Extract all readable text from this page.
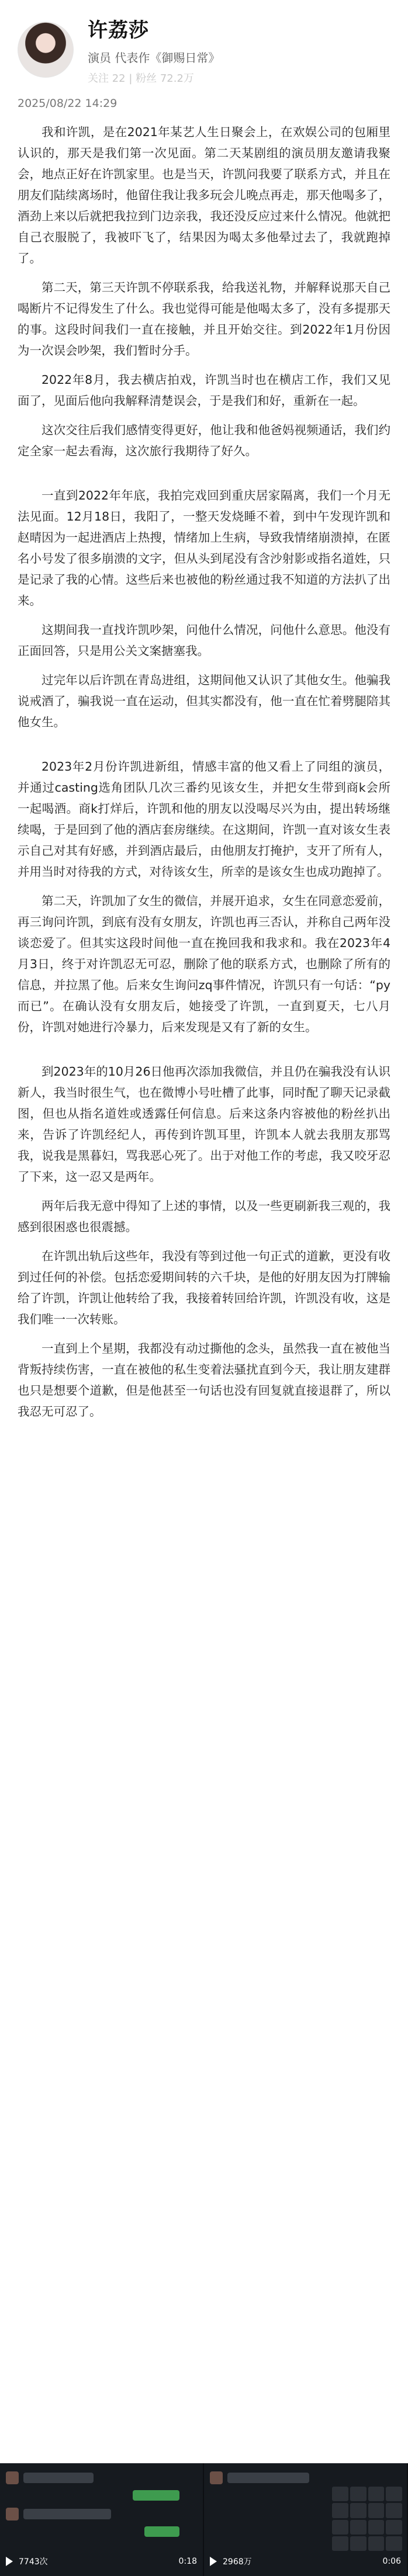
许荔莎
演员 代表作《御赐日常》
关注 22 | 粉丝 72.2万
2025/08/22 14:29

我和许凯，是在2021年某艺人生日聚会上，在欢娱公司的包厢里认识的，那天是我们第一次见面。第二天某剧组的演员朋友邀请我聚会，地点正好在许凯家里。也是当天，许凯问我要了联系方式，并且在朋友们陆续离场时，他留住我让我多玩会儿晚点再走，那天他喝多了，酒劲上来以后就把我拉到门边亲我，我还没反应过来什么情况。他就把自己衣服脱了，我被吓飞了，结果因为喝太多他晕过去了，我就跑掉了。

第二天，第三天许凯不停联系我，给我送礼物，并解释说那天自己喝断片不记得发生了什么。我也觉得可能是他喝太多了，没有多提那天的事。这段时间我们一直在接触，并且开始交往。到2022年1月份因为一次误会吵架，我们暂时分手。

2022年8月，我去横店拍戏，许凯当时也在横店工作，我们又见面了，见面后他向我解释清楚误会，于是我们和好，重新在一起。

这次交往后我们感情变得更好，他让我和他爸妈视频通话，我们约定全家一起去看海，这次旅行我期待了好久。

一直到2022年年底，我拍完戏回到重庆居家隔离，我们一个月无法见面。12月18日，我阳了，一整天发烧睡不着，到中午发现许凯和赵晴因为一起进酒店上热搜，情绪加上生病，导致我情绪崩溃掉，在匿名小号发了很多崩溃的文字，但从头到尾没有含沙射影或指名道姓，只是记录了我的心情。这些后来也被他的粉丝通过我不知道的方法扒了出来。

这期间我一直找许凯吵架，问他什么情况，问他什么意思。他没有正面回答，只是用公关文案搪塞我。

过完年以后许凯在青岛进组，这期间他又认识了其他女生。他骗我说戒酒了，骗我说一直在运动，但其实都没有，他一直在忙着劈腿陪其他女生。

2023年2月份许凯进新组，情感丰富的他又看上了同组的演员，并通过casting选角团队几次三番约见该女生，并把女生带到商k会所一起喝酒。商k打烊后，许凯和他的朋友以没喝尽兴为由，提出转场继续喝，于是回到了他的酒店套房继续。在这期间，许凯一直对该女生表示自己对其有好感，并到酒店最后，由他朋友打掩护，支开了所有人，并用当时对待我的方式，对待该女生，所幸的是该女生也成功跑掉了。

第二天，许凯加了女生的微信，并展开追求，女生在同意恋爱前，再三询问许凯，到底有没有女朋友，许凯也再三否认，并称自己两年没谈恋爱了。但其实这段时间他一直在挽回我和我求和。我在2023年4月3日，终于对许凯忍无可忍，删除了他的联系方式，也删除了所有的信息，并拉黑了他。后来女生询问zq事件情况，许凯只有一句话：“py而已”。在确认没有女朋友后，她接受了许凯，一直到夏天，七八月份，许凯对她进行冷暴力，后来发现是又有了新的女生。

到2023年的10月26日他再次添加我微信，并且仍在骗我没有认识新人，我当时很生气，也在微博小号吐槽了此事，同时配了聊天记录截图，但也从指名道姓或透露任何信息。后来这条内容被他的粉丝扒出来，告诉了许凯经纪人，再传到许凯耳里，许凯本人就去我朋友那骂我，说我是黑暮妇，骂我恶心死了。出于对他工作的考虑，我又咬牙忍了下来，这一忍又是两年。

两年后我无意中得知了上述的事情，以及一些更刷新我三观的，我感到很困惑也很震撼。

在许凯出轨后这些年，我没有等到过他一句正式的道歉，更没有收到过任何的补偿。包括恋爱期间转的六千块，是他的好朋友因为打牌输给了许凯，许凯让他转给了我，我接着转回给许凯，许凯没有收，这是我们唯一一次转账。

一直到上个星期，我都没有动过撕他的念头，虽然我一直在被他当背叛持续伤害，一直在被他的私生变着法骚扰直到今天，我让朋友建群也只是想要个道歉，但是他甚至一句话也没有回复就直接退群了，所以我忍无可忍了。

7743次	0:18	2968万	0:06
